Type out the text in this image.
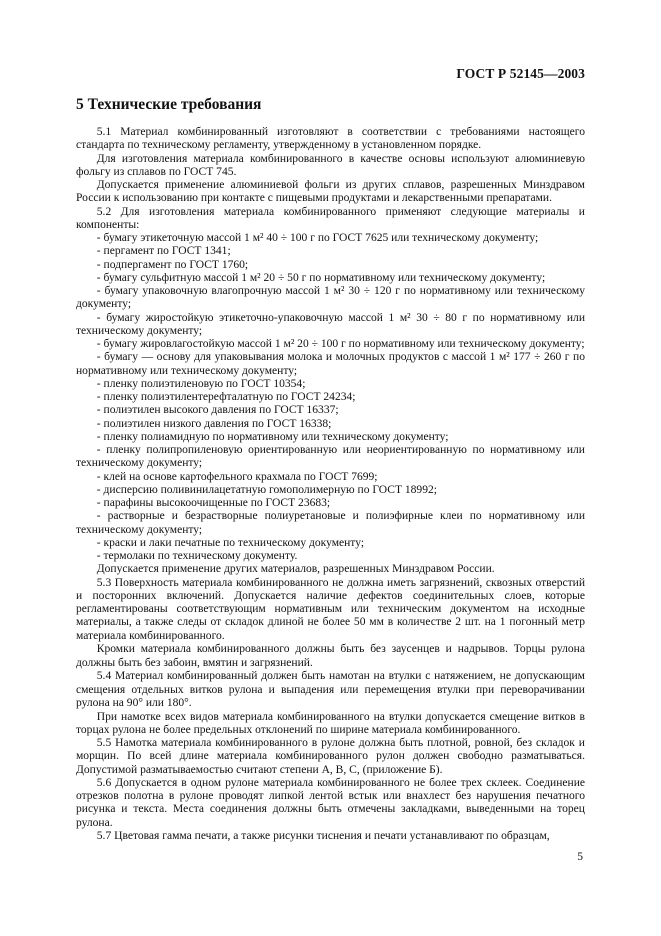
ГОСТ Р 52145—2003
5 Технические требования

5.1 Материал комбинированный изготовляют в соответствии с требованиями настоящего стандарта по техническому регламенту, утвержденному в установленном порядке.

Для изготовления материала комбинированного в качестве основы используют алюминиевую фольгу из сплавов по ГОСТ 745.

Допускается применение алюминиевой фольги из других сплавов, разрешенных Минздравом России к использованию при контакте с пищевыми продуктами и лекарственными препаратами.

5.2 Для изготовления материала комбинированного применяют следующие материалы и компоненты:

- бумагу этикеточную массой 1 м² 40 ÷ 100 г по ГОСТ 7625 или техническому документу;

- пергамент по ГОСТ 1341;

- подпергамент по ГОСТ 1760;

- бумагу сульфитную массой 1 м² 20 ÷ 50 г по нормативному или техническому документу;

- бумагу упаковочную влагопрочную массой 1 м² 30 ÷ 120 г по нормативному или техническому документу;

- бумагу жиростойкую этикеточно-упаковочную массой 1 м² 30 ÷ 80 г по нормативному или техническому документу;

- бумагу жировлагостойкую массой 1 м² 20 ÷ 100 г по нормативному или техническому документу;

- бумагу — основу для упаковывания молока и молочных продуктов с массой 1 м² 177 ÷ 260 г по нормативному или техническому документу;

- пленку полиэтиленовую по ГОСТ 10354;

- пленку полиэтилентерефталатную по ГОСТ 24234;

- полиэтилен высокого давления по ГОСТ 16337;

- полиэтилен низкого давления по ГОСТ 16338;

- пленку полиамидную по нормативному или техническому документу;

- пленку полипропиленовую ориентированную или неориентированную по нормативному или техническому документу;

- клей на основе картофельного крахмала по ГОСТ 7699;

- дисперсию поливинилацетатную гомополимерную по ГОСТ 18992;

- парафины высокоочищенные по ГОСТ 23683;

- растворные и безрастворные полиуретановые и полиэфирные клеи по нормативному или техническому документу;

- краски и лаки печатные по техническому документу;

- термолаки по техническому документу.

Допускается применение других материалов, разрешенных Минздравом России.

5.3 Поверхность материала комбинированного не должна иметь загрязнений, сквозных отверстий и посторонних включений. Допускается наличие дефектов соединительных слоев, которые регламентированы соответствующим нормативным или техническим документом на исходные материалы, а также следы от складок длиной не более 50 мм в количестве 2 шт. на 1 погонный метр материала комбинированного.

Кромки материала комбинированного должны быть без заусенцев и надрывов. Торцы рулона должны быть без забоин, вмятин и загрязнений.

5.4 Материал комбинированный должен быть намотан на втулки с натяжением, не допускающим смещения отдельных витков рулона и выпадения или перемещения втулки при переворачивании рулона на 90° или 180°.

При намотке всех видов материала комбинированного на втулки допускается смещение витков в торцах рулона не более предельных отклонений по ширине материала комбинированного.

5.5 Намотка материала комбинированного в рулоне должна быть плотной, ровной, без складок и морщин. По всей длине материала комбинированного рулон должен свободно разматываться. Допустимой разматываемостью считают степени А, В, С, (приложение Б).

5.6 Допускается в одном рулоне материала комбинированного не более трех склеек. Соединение отрезков полотна в рулоне проводят липкой лентой встык или внахлест без нарушения печатного рисунка и текста. Места соединения должны быть отмечены закладками, выведенными на торец рулона.

5.7 Цветовая гамма печати, а также рисунки тиснения и печати устанавливают по образцам,

5
